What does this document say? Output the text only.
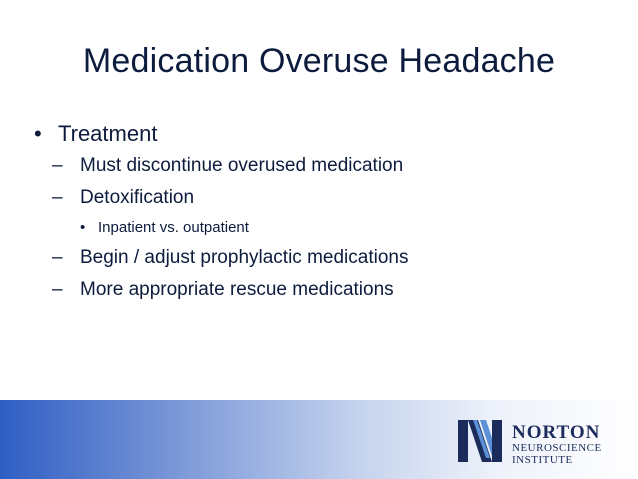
Medication Overuse Headache
• Treatment
– Must discontinue overused medication
– Detoxification
• Inpatient vs. outpatient
– Begin / adjust prophylactic medications
– More appropriate rescue medications
NORTON
NEUROSCIENCE
INSTITUTE
